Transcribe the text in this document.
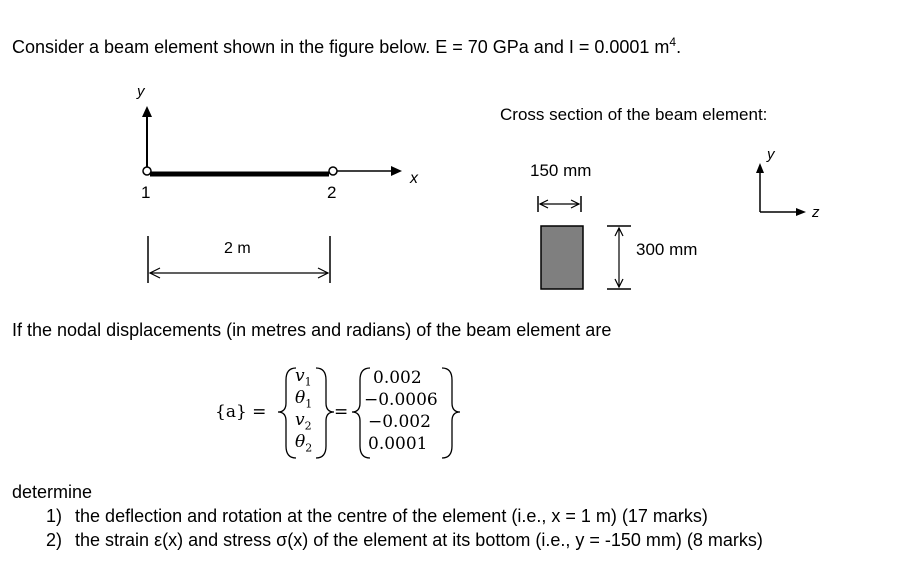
Consider a beam element shown in the figure below. E = 70 GPa and I = 0.0001 $m^4$.
y
1	2
x
2 m
Cross section of the beam element:
150 mm
300 mm
y
z
If the nodal displacements (in metres and radians) of the beam element are
{a} =
$v_1$
$\theta_1$
$v_2$
$\theta_2$
=
0.002
−0.0006
−0.002
0.0001
determine
1) the deflection and rotation at the centre of the element (i.e., x = 1 m) (17 marks)
2) the strain ε(x) and stress σ(x) of the element at its bottom (i.e., y = -150 mm) (8 marks)
